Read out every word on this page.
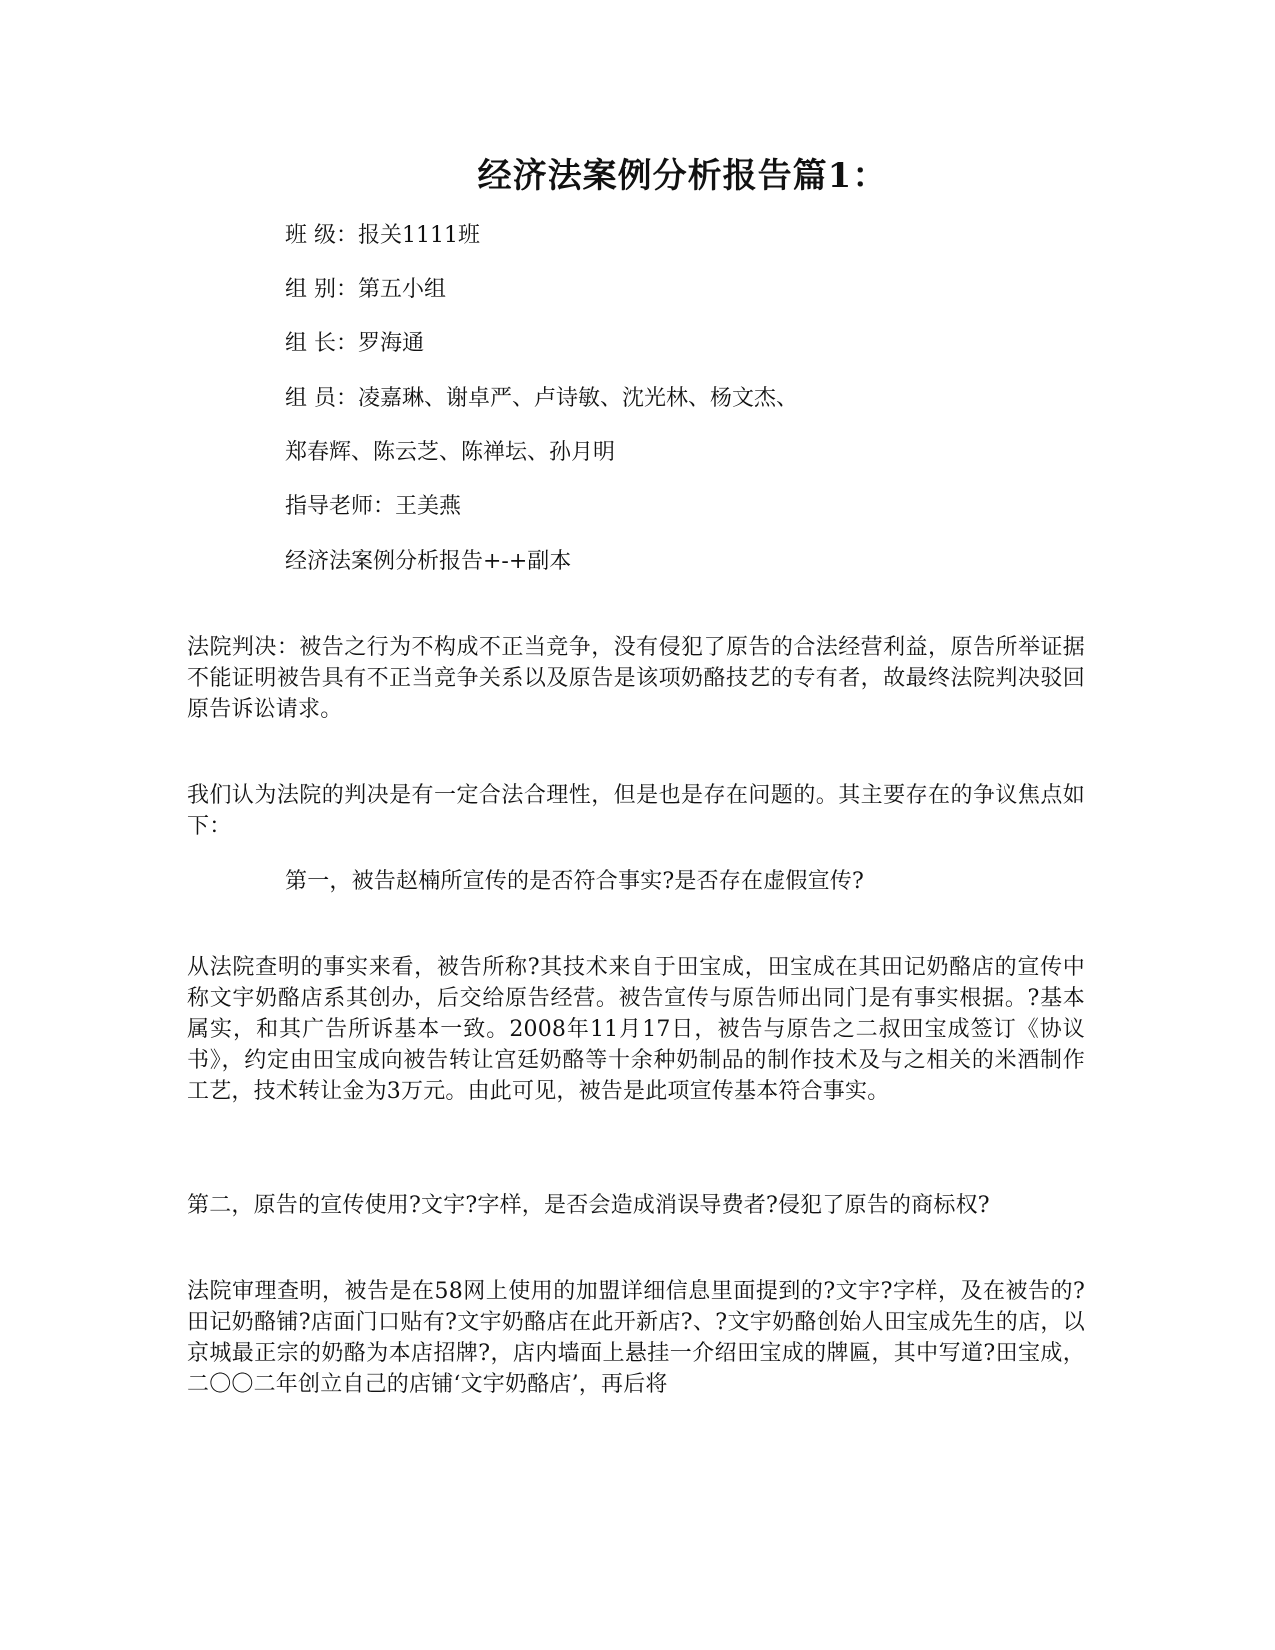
经济法案例分析报告篇1：
班 级：报关1111班
组 别：第五小组
组 长：罗海通
组 员：凌嘉琳、谢卓严、卢诗敏、沈光林、杨文杰、
郑春辉、陈云芝、陈禅坛、孙月明
指导老师：王美燕
经济法案例分析报告+-+副本
法院判决：被告之行为不构成不正当竞争，没有侵犯了原告的合法经营利益，原告所举证据不能证明被告具有不正当竞争关系以及原告是该项奶酪技艺的专有者，故最终法院判决驳回原告诉讼请求。
我们认为法院的判决是有一定合法合理性，但是也是存在问题的。其主要存在的争议焦点如下：
第一，被告赵楠所宣传的是否符合事实?是否存在虚假宣传?
从法院查明的事实来看，被告所称?其技术来自于田宝成，田宝成在其田记奶酪店的宣传中称文宇奶酪店系其创办，后交给原告经营。被告宣传与原告师出同门是有事实根据。?基本属实，和其广告所诉基本一致。2008年11月17日，被告与原告之二叔田宝成签订《协议书》，约定由田宝成向被告转让宫廷奶酪等十余种奶制品的制作技术及与之相关的米酒制作工艺，技术转让金为3万元。由此可见，被告是此项宣传基本符合事实。
第二，原告的宣传使用?文宇?字样，是否会造成消误导费者?侵犯了原告的商标权?
法院审理查明，被告是在58网上使用的加盟详细信息里面提到的?文宇?字样，及在被告的?田记奶酪铺?店面门口贴有?文宇奶酪店在此开新店?、?文宇奶酪创始人田宝成先生的店，以京城最正宗的奶酪为本店招牌?，店内墙面上悬挂一介绍田宝成的牌匾，其中写道?田宝成，二〇〇二年创立自己的店铺‘文宇奶酪店’，再后将
